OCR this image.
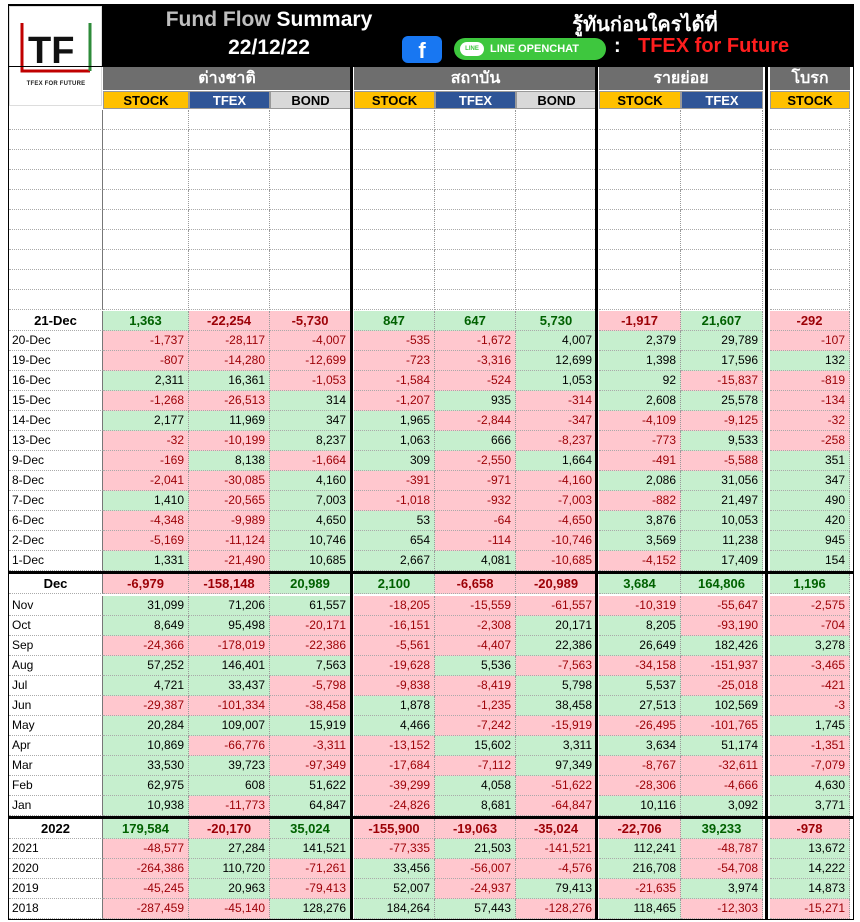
TF
TFEX FOR FUTURE
Fund Flow Summary
22/12/22
รู้ทันก่อนใครได้ที่
f	LINE	LINE OPENCHAT	: TFEX for Future
ต่างชาติ	สถาบัน	รายย่อย	โบรก
STOCK	TFEX	BOND	STOCK	TFEX	BOND	STOCK	TFEX	STOCK
21-Dec	1,363	-22,254	-5,730	847	647	5,730	-1,917	21,607	-292
20-Dec	-1,737	-28,117	-4,007	-535	-1,672	4,007	2,379	29,789	-107
19-Dec	-807	-14,280	-12,699	-723	-3,316	12,699	1,398	17,596	132
16-Dec	2,311	16,361	-1,053	-1,584	-524	1,053	92	-15,837	-819
15-Dec	-1,268	-26,513	314	-1,207	935	-314	2,608	25,578	-134
14-Dec	2,177	11,969	347	1,965	-2,844	-347	-4,109	-9,125	-32
13-Dec	-32	-10,199	8,237	1,063	666	-8,237	-773	9,533	-258
9-Dec	-169	8,138	-1,664	309	-2,550	1,664	-491	-5,588	351
8-Dec	-2,041	-30,085	4,160	-391	-971	-4,160	2,086	31,056	347
7-Dec	1,410	-20,565	7,003	-1,018	-932	-7,003	-882	21,497	490
6-Dec	-4,348	-9,989	4,650	53	-64	-4,650	3,876	10,053	420
2-Dec	-5,169	-11,124	10,746	654	-114	-10,746	3,569	11,238	945
1-Dec	1,331	-21,490	10,685	2,667	4,081	-10,685	-4,152	17,409	154
Dec	-6,979	-158,148	20,989	2,100	-6,658	-20,989	3,684	164,806	1,196
Nov	31,099	71,206	61,557	-18,205	-15,559	-61,557	-10,319	-55,647	-2,575
Oct	8,649	95,498	-20,171	-16,151	-2,308	20,171	8,205	-93,190	-704
Sep	-24,366	-178,019	-22,386	-5,561	-4,407	22,386	26,649	182,426	3,278
Aug	57,252	146,401	7,563	-19,628	5,536	-7,563	-34,158	-151,937	-3,465
Jul	4,721	33,437	-5,798	-9,838	-8,419	5,798	5,537	-25,018	-421
Jun	-29,387	-101,334	-38,458	1,878	-1,235	38,458	27,513	102,569	-3
May	20,284	109,007	15,919	4,466	-7,242	-15,919	-26,495	-101,765	1,745
Apr	10,869	-66,776	-3,311	-13,152	15,602	3,311	3,634	51,174	-1,351
Mar	33,530	39,723	-97,349	-17,684	-7,112	97,349	-8,767	-32,611	-7,079
Feb	62,975	608	51,622	-39,299	4,058	-51,622	-28,306	-4,666	4,630
Jan	10,938	-11,773	64,847	-24,826	8,681	-64,847	10,116	3,092	3,771
2022	179,584	-20,170	35,024	-155,900	-19,063	-35,024	-22,706	39,233	-978
2021	-48,577	27,284	141,521	-77,335	21,503	-141,521	112,241	-48,787	13,672
2020	-264,386	110,720	-71,261	33,456	-56,007	-4,576	216,708	-54,708	14,222
2019	-45,245	20,963	-79,413	52,007	-24,937	79,413	-21,635	3,974	14,873
2018	-287,459	-45,140	128,276	184,264	57,443	-128,276	118,465	-12,303	-15,271
